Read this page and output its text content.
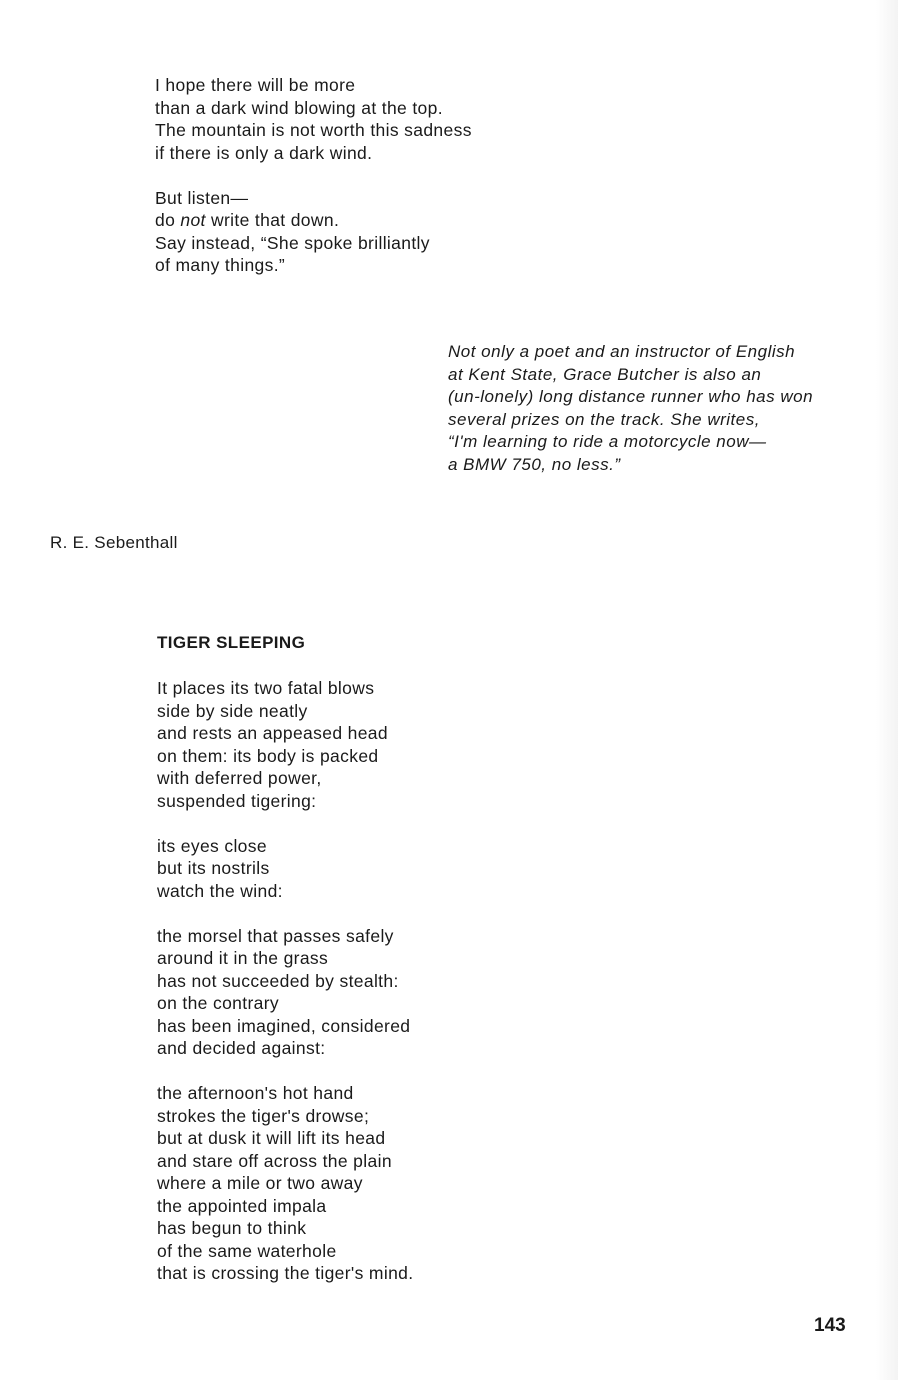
I hope there will be more
than a dark wind blowing at the top.
The mountain is not worth this sadness
if there is only a dark wind.
But listen—
do not write that down.
Say instead, “She spoke brilliantly
of many things.”
Not only a poet and an instructor of English
at Kent State, Grace Butcher is also an
(un-lonely) long distance runner who has won
several prizes on the track. She writes,
“I'm learning to ride a motorcycle now—
a BMW 750, no less.”
R. E. Sebenthall
TIGER SLEEPING
It places its two fatal blows
side by side neatly
and rests an appeased head
on them: its body is packed
with deferred power,
suspended tigering:
its eyes close
but its nostrils
watch the wind:
the morsel that passes safely
around it in the grass
has not succeeded by stealth:
on the contrary
has been imagined, considered
and decided against:
the afternoon's hot hand
strokes the tiger's drowse;
but at dusk it will lift its head
and stare off across the plain
where a mile or two away
the appointed impala
has begun to think
of the same waterhole
that is crossing the tiger's mind.
143
